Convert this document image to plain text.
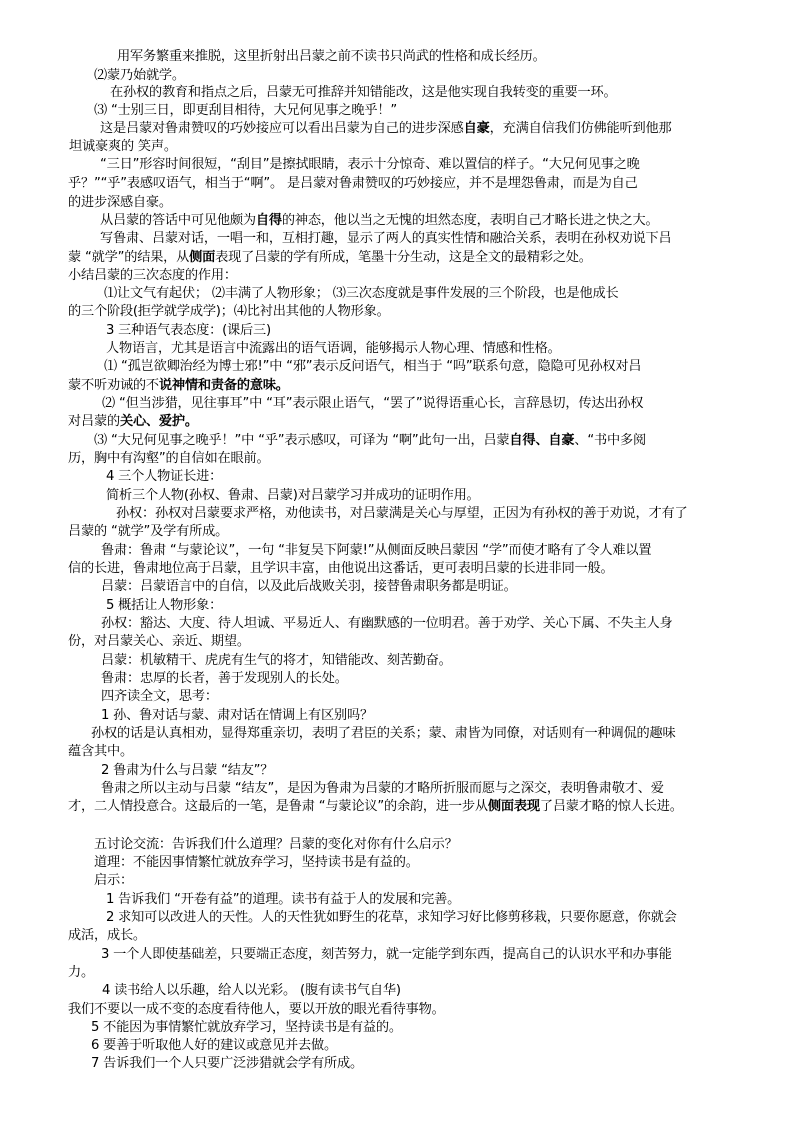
用军务繁重来推脱，这里折射出吕蒙之前不读书只尚武的性格和成长经历。
⑵蒙乃始就学。
在孙权的教育和指点之后，吕蒙无可推辞并知错能改，这是他实现自我转变的重要一环。
⑶ “士别三日，即更刮目相待，大兄何见事之晚乎！”
这是吕蒙对鲁肃赞叹的巧妙接应可以看出吕蒙为自己的进步深感自豪，充满自信我们仿佛能听到他那
坦诚豪爽的 笑声。
“三日”形容时间很短，“刮目”是擦拭眼睛，表示十分惊奇、难以置信的样子。“大兄何见事之晚
乎？”“乎”表感叹语气，相当于“啊”。 是吕蒙对鲁肃赞叹的巧妙接应，并不是埋怨鲁肃，而是为自己
的进步深感自豪。
从吕蒙的答话中可见他颇为自得的神态，他以当之无愧的坦然态度，表明自己才略长进之快之大。
写鲁肃、吕蒙对话，一唱一和，互相打趣，显示了两人的真实性情和融洽关系，表明在孙权劝说下吕
蒙 “就学”的结果，从侧面表现了吕蒙的学有所成，笔墨十分生动，这是全文的最精彩之处。
小结吕蒙的三次态度的作用：
⑴让文气有起伏； ⑵丰满了人物形象； ⑶三次态度就是事件发展的三个阶段，也是他成长
的三个阶段(拒学就学成学)；⑷比衬出其他的人物形象。
3 三种语气表态度：(课后三)
人物语言，尤其是语言中流露出的语气语调，能够揭示人物心理、情感和性格。
⑴ “孤岂欲卿治经为博士邪!”中 “邪”表示反问语气，相当于 “吗”联系句意，隐隐可见孙权对吕
蒙不听劝诫的不说神情和责备的意味。
⑵ “但当涉猎，见往事耳”中 “耳”表示限止语气，“罢了”说得语重心长，言辞恳切，传达出孙权
对吕蒙的关心、爱护。
⑶ “大兄何见事之晚乎！”中 “乎”表示感叹，可译为 “啊”此句一出，吕蒙自得、自豪、“书中多阅
历，胸中有沟壑”的自信如在眼前。
4 三个人物证长进：
简析三个人物(孙权、鲁肃、吕蒙)对吕蒙学习并成功的证明作用。
孙权：孙权对吕蒙要求严格，劝他读书，对吕蒙满是关心与厚望，正因为有孙权的善于劝说，才有了
吕蒙的 “就学”及学有所成。
鲁肃：鲁肃 “与蒙论议”，一句 “非复吴下阿蒙!”从侧面反映吕蒙因 “学”而使才略有了令人难以置
信的长进，鲁肃地位高于吕蒙，且学识丰富，由他说出这番话，更可表明吕蒙的长进非同一般。
吕蒙：吕蒙语言中的自信，以及此后战败关羽，接替鲁肃职务都是明证。
5 概括让人物形象：
孙权：豁达、大度、待人坦诚、平易近人、有幽默感的一位明君。善于劝学、关心下属、不失主人身
份，对吕蒙关心、亲近、期望。
吕蒙：机敏精干、虎虎有生气的将才，知错能改、刻苦勤奋。
鲁肃：忠厚的长者，善于发现别人的长处。
四齐读全文，思考：
1 孙、鲁对话与蒙、肃对话在情调上有区别吗？
孙权的话是认真相劝，显得郑重亲切，表明了君臣的关系；蒙、肃皆为同僚，对话则有一种调侃的趣味
蕴含其中。
2 鲁肃为什么与吕蒙 “结友”？
鲁肃之所以主动与吕蒙 “结友”，是因为鲁肃为吕蒙的才略所折服而愿与之深交，表明鲁肃敬才、爱
才，二人情投意合。这最后的一笔，是鲁肃 “与蒙论议”的余韵，进一步从侧面表现了吕蒙才略的惊人长进。
五讨论交流：告诉我们什么道理？吕蒙的变化对你有什么启示？
道理：不能因事情繁忙就放弃学习，坚持读书是有益的。
启示：
1 告诉我们 “开卷有益”的道理。读书有益于人的发展和完善。
2 求知可以改进人的天性。人的天性犹如野生的花草，求知学习好比修剪移栽，只要你愿意，你就会
成活，成长。
3 一个人即使基础差，只要端正态度，刻苦努力，就一定能学到东西，提高自己的认识水平和办事能
力。
4 读书给人以乐趣，给人以光彩。 (腹有读书气自华)
我们不要以一成不变的态度看待他人，要以开放的眼光看待事物。
5 不能因为事情繁忙就放弃学习，坚持读书是有益的。
6 要善于听取他人好的建议或意见并去做。
7 告诉我们一个人只要广泛涉猎就会学有所成。
